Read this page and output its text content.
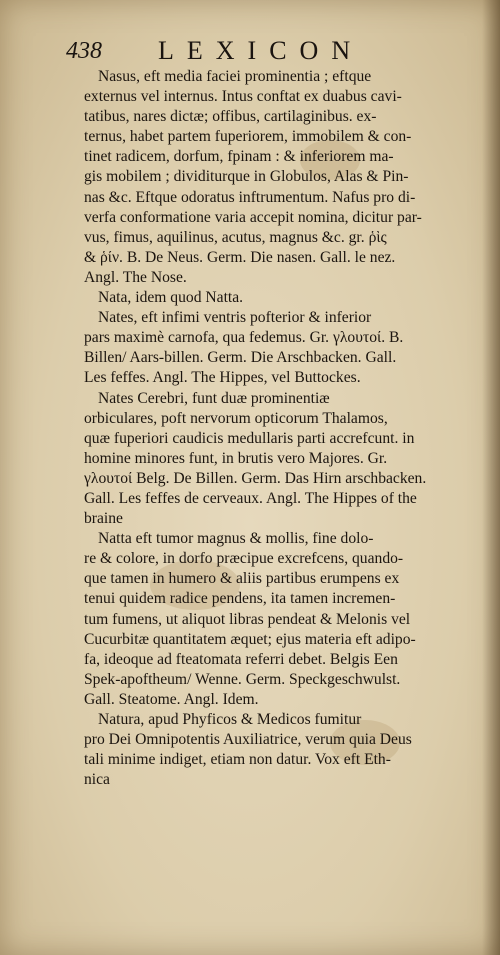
438 LEXICON
Nasus, eft media faciei prominentia ; eftque
externus vel internus. Intus conftat ex duabus cavi-
tatibus, nares dictæ; offibus, cartilaginibus. ex-
ternus, habet partem fuperiorem, immobilem & con-
tinet radicem, dorfum, fpinam : & inferiorem ma-
gis mobilem ; dividiturque in Globulos, Alas & Pin-
nas &c. Eftque odoratus inftrumentum. Nafus pro di-
verfa conformatione varia accepit nomina, dicitur par-
vus, fimus, aquilinus, acutus, magnus &c. gr. ῥὶς
& ῥίν. B. De Neus. Germ. Die nasen. Gall. le nez.
Angl. The Nose.
Nata, idem quod Natta.
Nates, eft infimi ventris pofterior & inferior
pars maximè carnofa, qua fedemus. Gr. γλουτοί. B.
Billen/ Aars-billen. Germ. Die Arschbacken. Gall.
Les feffes. Angl. The Hippes, vel Buttockes.
Nates Cerebri, funt duæ prominentiæ
orbiculares, poft nervorum opticorum Thalamos,
quæ fuperiori caudicis medullaris parti accrefcunt. in
homine minores funt, in brutis vero Majores. Gr.
γλουτοί Belg. De Billen. Germ. Das Hirn arschbacken.
Gall. Les feffes de cerveaux. Angl. The Hippes of the
braine
Natta eft tumor magnus & mollis, fine dolo-
re & colore, in dorfo præcipue excrefcens, quando-
que tamen in humero & aliis partibus erumpens ex
tenui quidem radice pendens, ita tamen incremen-
tum fumens, ut aliquot libras pendeat & Melonis vel
Cucurbitæ quantitatem æquet; ejus materia eft adipo-
fa, ideoque ad fteatomata referri debet. Belgis Een
Spek-apoftheum/ Wenne. Germ. Speckgeschwulst.
Gall. Steatome. Angl. Idem.
Natura, apud Phyficos & Medicos fumitur
pro Dei Omnipotentis Auxiliatrice, verum quia Deus
tali minime indiget, etiam non datur. Vox eft Eth-
nica
